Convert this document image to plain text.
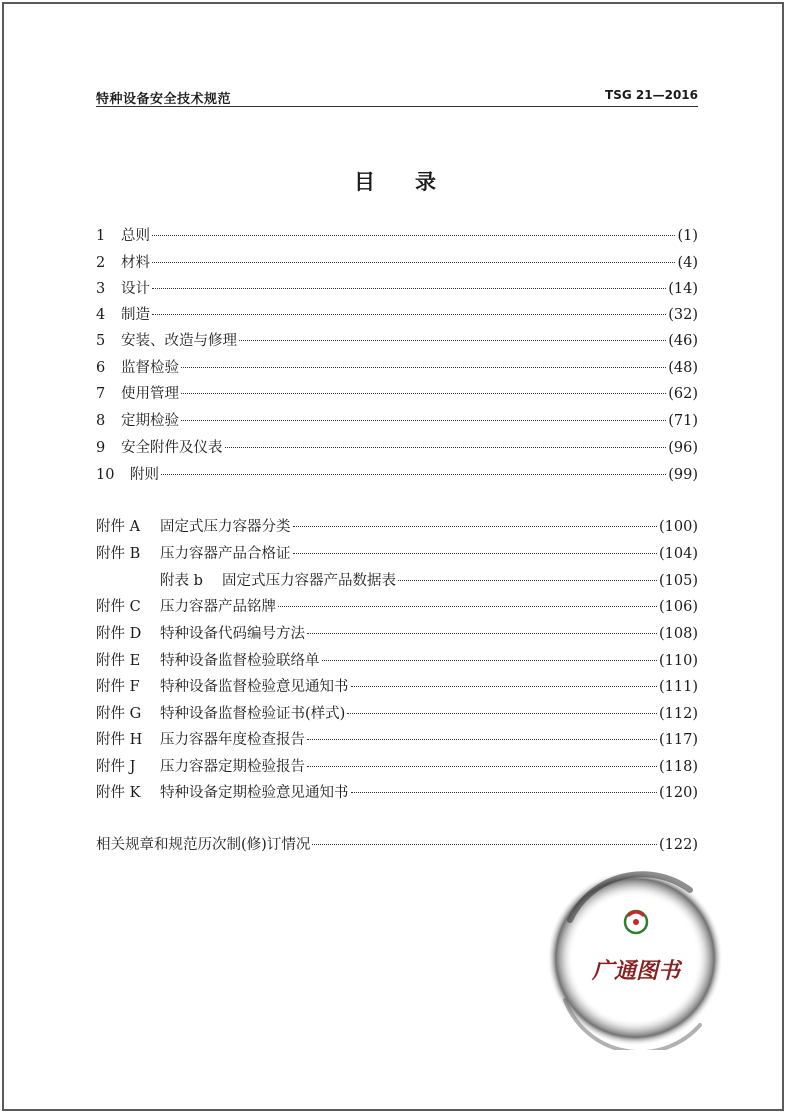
特种设备安全技术规范	TSG 21—2016
目录
1	总则	(1)
2	材料	(4)
3	设计	(14)
4	制造	(32)
5	安装、改造与修理	(46)
6	监督检验	(48)
7	使用管理	(62)
8	定期检验	(71)
9	安全附件及仪表	(96)
10	附则	(99)
附件 A	固定式压力容器分类	(100)
附件 B	压力容器产品合格证	(104)
附表 b	固定式压力容器产品数据表	(105)
附件 C	压力容器产品铭牌	(106)
附件 D	特种设备代码编号方法	(108)
附件 E	特种设备监督检验联络单	(110)
附件 F	特种设备监督检验意见通知书	(111)
附件 G	特种设备监督检验证书(样式)	(112)
附件 H	压力容器年度检查报告	(117)
附件 J	压力容器定期检验报告	(118)
附件 K	特种设备定期检验意见通知书	(120)
相关规章和规范历次制(修)订情况	(122)
广通图书
